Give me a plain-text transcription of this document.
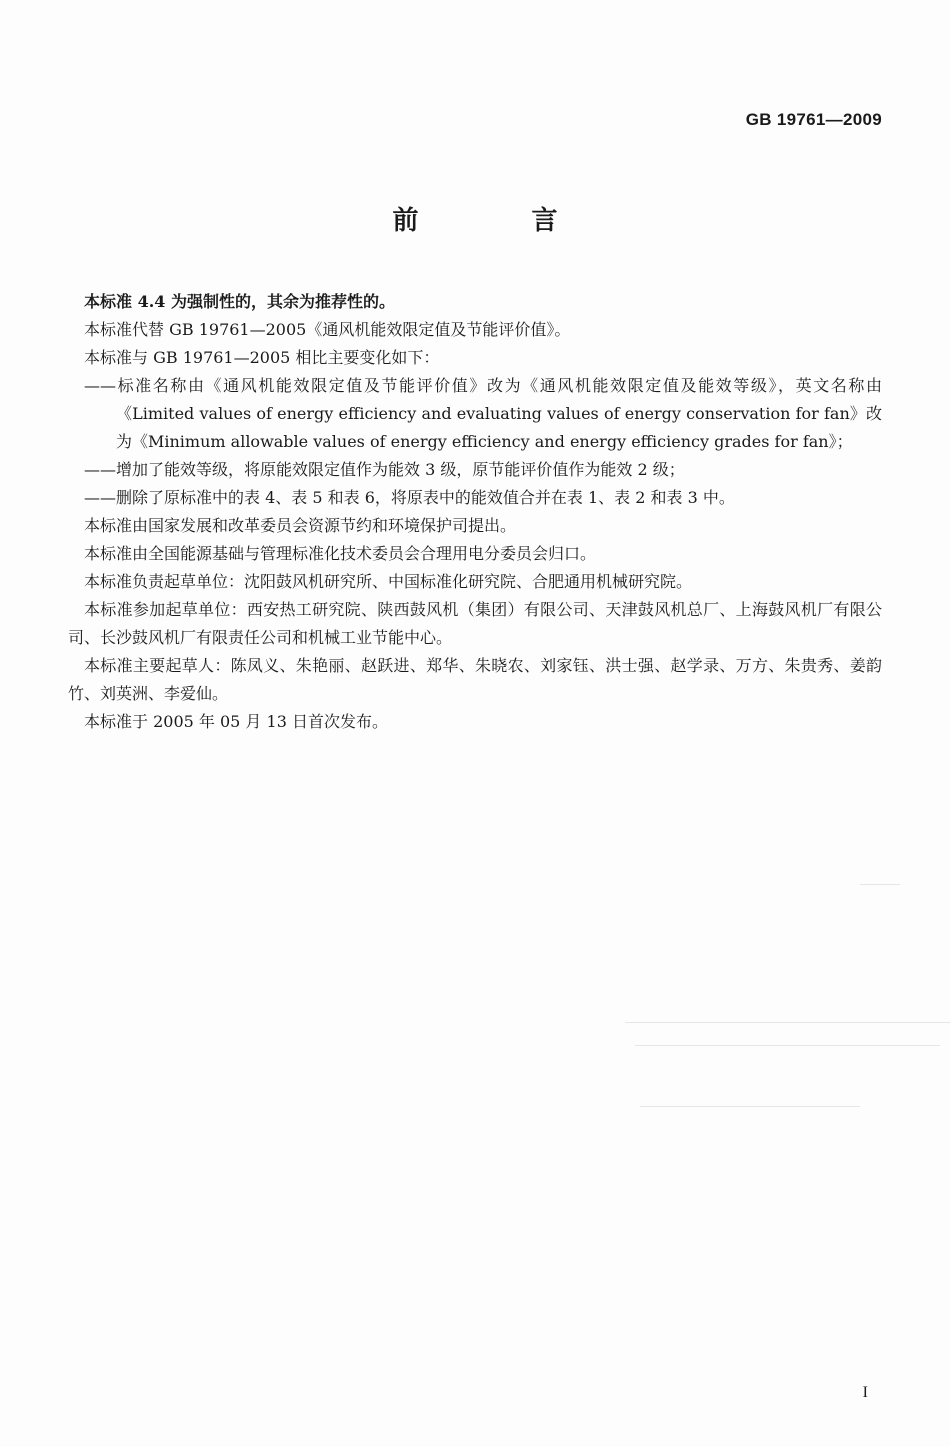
GB 19761—2009
前 言

本标准 4.4 为强制性的，其余为推荐性的。

本标准代替 GB 19761—2005《通风机能效限定值及节能评价值》。

本标准与 GB 19761—2005 相比主要变化如下：

——标准名称由《通风机能效限定值及节能评价值》改为《通风机能效限定值及能效等级》，英文名称由《Limited values of energy efficiency and evaluating values of energy conservation for fan》改为《Minimum allowable values of energy efficiency and energy efficiency grades for fan》；

——增加了能效等级，将原能效限定值作为能效 3 级，原节能评价值作为能效 2 级；

——删除了原标准中的表 4、表 5 和表 6，将原表中的能效值合并在表 1、表 2 和表 3 中。

本标准由国家发展和改革委员会资源节约和环境保护司提出。

本标准由全国能源基础与管理标准化技术委员会合理用电分委员会归口。

本标准负责起草单位：沈阳鼓风机研究所、中国标准化研究院、合肥通用机械研究院。

本标准参加起草单位：西安热工研究院、陕西鼓风机（集团）有限公司、天津鼓风机总厂、上海鼓风机厂有限公司、长沙鼓风机厂有限责任公司和机械工业节能中心。

本标准主要起草人：陈凤义、朱艳丽、赵跃进、郑华、朱晓农、刘家钰、洪士强、赵学录、万方、朱贵秀、姜韵竹、刘英洲、李爱仙。

本标准于 2005 年 05 月 13 日首次发布。

I
